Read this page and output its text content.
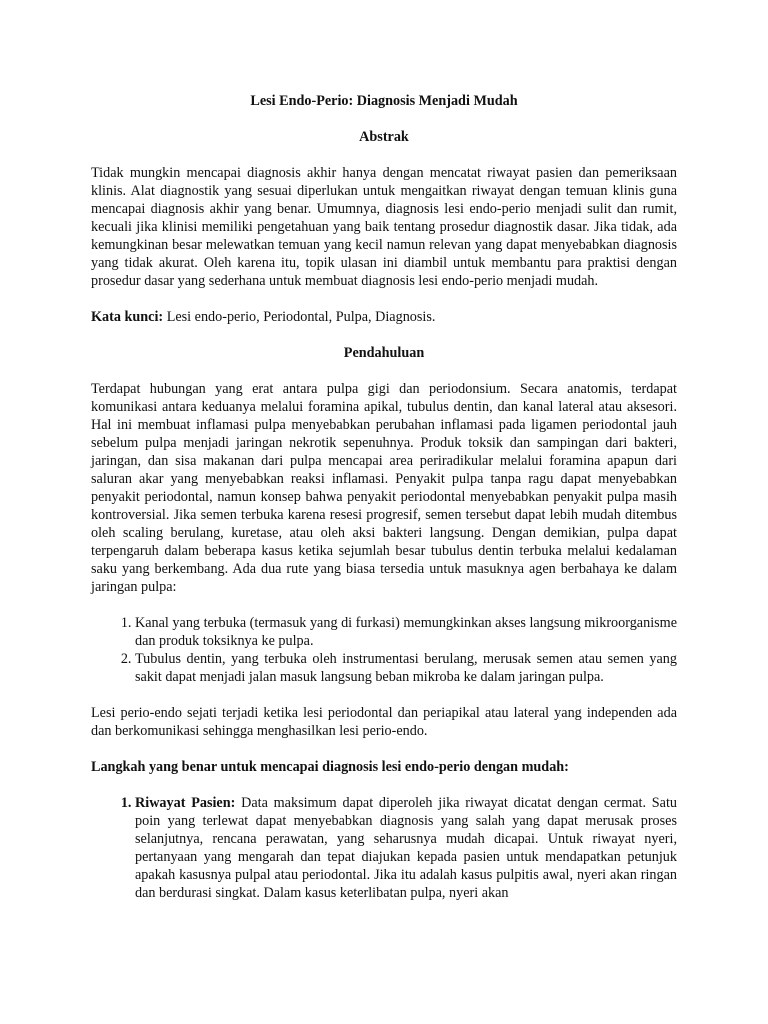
Lesi Endo-Perio: Diagnosis Menjadi Mudah

Abstrak

Tidak mungkin mencapai diagnosis akhir hanya dengan mencatat riwayat pasien dan pemeriksaan klinis. Alat diagnostik yang sesuai diperlukan untuk mengaitkan riwayat dengan temuan klinis guna mencapai diagnosis akhir yang benar. Umumnya, diagnosis lesi endo-perio menjadi sulit dan rumit, kecuali jika klinisi memiliki pengetahuan yang baik tentang prosedur diagnostik dasar. Jika tidak, ada kemungkinan besar melewatkan temuan yang kecil namun relevan yang dapat menyebabkan diagnosis yang tidak akurat. Oleh karena itu, topik ulasan ini diambil untuk membantu para praktisi dengan prosedur dasar yang sederhana untuk membuat diagnosis lesi endo-perio menjadi mudah.

Kata kunci: Lesi endo-perio, Periodontal, Pulpa, Diagnosis.

Pendahuluan

Terdapat hubungan yang erat antara pulpa gigi dan periodonsium. Secara anatomis, terdapat komunikasi antara keduanya melalui foramina apikal, tubulus dentin, dan kanal lateral atau aksesori. Hal ini membuat inflamasi pulpa menyebabkan perubahan inflamasi pada ligamen periodontal jauh sebelum pulpa menjadi jaringan nekrotik sepenuhnya. Produk toksik dan sampingan dari bakteri, jaringan, dan sisa makanan dari pulpa mencapai area periradikular melalui foramina apapun dari saluran akar yang menyebabkan reaksi inflamasi. Penyakit pulpa tanpa ragu dapat menyebabkan penyakit periodontal, namun konsep bahwa penyakit periodontal menyebabkan penyakit pulpa masih kontroversial. Jika semen terbuka karena resesi progresif, semen tersebut dapat lebih mudah ditembus oleh scaling berulang, kuretase, atau oleh aksi bakteri langsung. Dengan demikian, pulpa dapat terpengaruh dalam beberapa kasus ketika sejumlah besar tubulus dentin terbuka melalui kedalaman saku yang berkembang. Ada dua rute yang biasa tersedia untuk masuknya agen berbahaya ke dalam jaringan pulpa:

1. Kanal yang terbuka (termasuk yang di furkasi) memungkinkan akses langsung mikroorganisme dan produk toksiknya ke pulpa.
2. Tubulus dentin, yang terbuka oleh instrumentasi berulang, merusak semen atau semen yang sakit dapat menjadi jalan masuk langsung beban mikroba ke dalam jaringan pulpa.

Lesi perio-endo sejati terjadi ketika lesi periodontal dan periapikal atau lateral yang independen ada dan berkomunikasi sehingga menghasilkan lesi perio-endo.

Langkah yang benar untuk mencapai diagnosis lesi endo-perio dengan mudah:

1. Riwayat Pasien: Data maksimum dapat diperoleh jika riwayat dicatat dengan cermat. Satu poin yang terlewat dapat menyebabkan diagnosis yang salah yang dapat merusak proses selanjutnya, rencana perawatan, yang seharusnya mudah dicapai. Untuk riwayat nyeri, pertanyaan yang mengarah dan tepat diajukan kepada pasien untuk mendapatkan petunjuk apakah kasusnya pulpal atau periodontal. Jika itu adalah kasus pulpitis awal, nyeri akan ringan dan berdurasi singkat. Dalam kasus keterlibatan pulpa, nyeri akan
